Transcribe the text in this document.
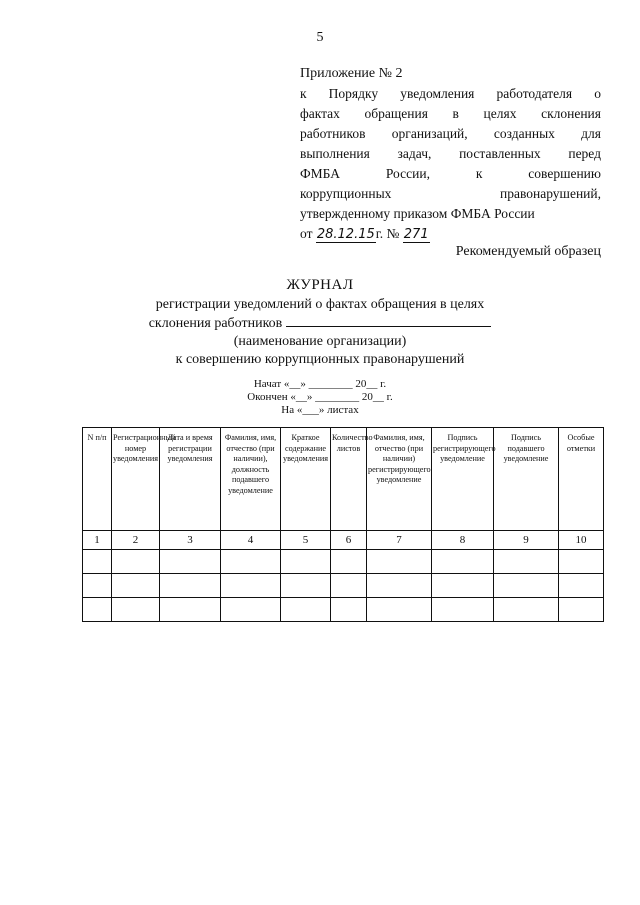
5
Приложение № 2
к Порядку уведомления работодателя о
фактах обращения в целях склонения
работников организаций, созданных для
выполнения задач, поставленных перед
ФМБА России, к совершению
коррупционных правонарушений,
утвержденному приказом ФМБА России
от 28.12.15г. № 271
Рекомендуемый образец
ЖУРНАЛ
регистрации уведомлений о фактах обращения в целях
склонения работников
(наименование организации)
к совершению коррупционных правонарушений
Начат «__» ________ 20__ г.
Окончен «__» ________ 20__ г.
На «___» листах
N п/п	Регистрационный номер уведомления	Дата и время регистрации уведомления	Фамилия, имя, отчество (при наличии), должность подавшего уведомление	Краткое содержание уведомления	Количество листов	Фамилия, имя, отчество (при наличии) регистрирующего уведомление	Подпись регистрирующего уведомление	Подпись подавшего уведомление	Особые отметки
1	2	3	4	5	6	7	8	9	10
